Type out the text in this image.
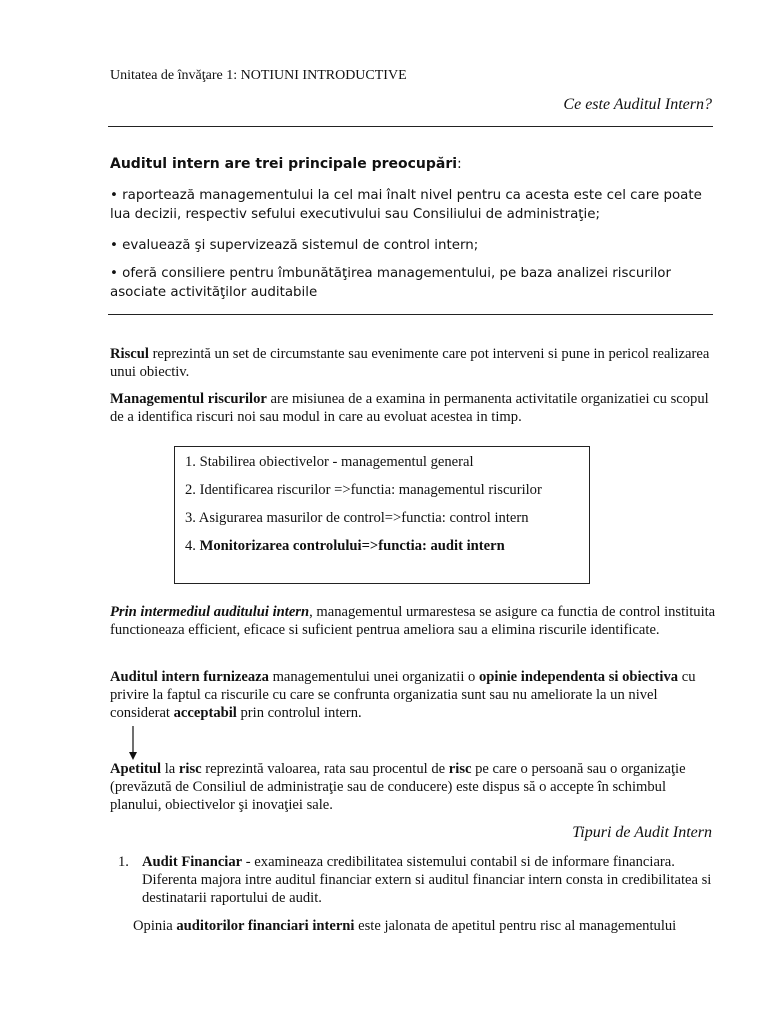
Unitatea de învăţare 1: NOTIUNI INTRODUCTIVE
Ce este Auditul Intern?
Auditul intern are trei principale preocupări:
• raportează managementului la cel mai înalt nivel pentru ca acesta este cel care poate lua decizii, respectiv sefului executivului sau Consiliului de administraţie;
• evaluează şi supervizează sistemul de control intern;
• oferă consiliere pentru îmbunătăţirea managementului, pe baza analizei riscurilor asociate activităţilor auditabile
Riscul reprezintă un set de circumstante sau evenimente care pot interveni si pune in pericol realizarea unui obiectiv.
Managementul riscurilor are misiunea de a examina in permanenta activitatile organizatiei cu scopul de a identifica riscuri noi sau modul in care au evoluat acestea in timp.
1. Stabilirea obiectivelor - managementul general
2. Identificarea riscurilor =>functia: managementul riscurilor
3. Asigurarea masurilor de control=>functia: control intern
4. Monitorizarea controlului=>functia: audit intern
Prin intermediul auditului intern, managementul urmarestesa se asigure ca functia de control instituita functioneaza efficient, eficace si suficient pentrua ameliora sau a elimina riscurile identificate.
Auditul intern furnizeaza managementului unei organizatii o opinie independenta si obiectiva cu privire la faptul ca riscurile cu care se confrunta organizatia sunt sau nu ameliorate la un nivel considerat acceptabil prin controlul intern.
Apetitul la risc reprezintă valoarea, rata sau procentul de risc pe care o persoană sau o organizaţie (prevăzută de Consiliul de administraţie sau de conducere) este dispus să o accepte în schimbul planului, obiectivelor şi inovaţiei sale.
Tipuri de Audit Intern
1. Audit Financiar - examineaza credibilitatea sistemului contabil si de informare financiara. Diferenta majora intre auditul financiar extern si auditul financiar intern consta in credibilitatea si destinatarii raportului de audit.
Opinia auditorilor financiari interni este jalonata de apetitul pentru risc al managementului
